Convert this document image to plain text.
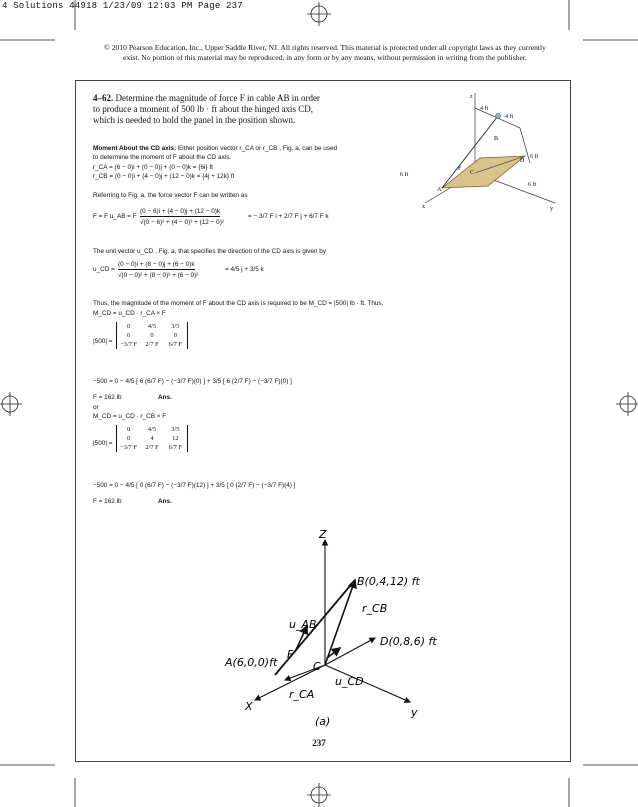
4 Solutions 44918 1/23/09 12:03 PM Page 237
© 2010 Pearson Education, Inc., Upper Saddle River, NJ. All rights reserved. This material is protected under all copyright laws as they currently
exist. No portion of this material may be reproduced, in any form or by any means, without permission in writing from the publisher.
4–62. Determine the magnitude of force F in cable AB in order to produce a moment of 500 lb · ft about the hinged axis CD, which is needed to hold the panel in the position shown.
z
x	y
4 ft
4 ft
6 ft
6 ft
6 ft
B
F
C
D
A
Moment About the CD axis: Either position vector r_CA or r_CB , Fig. a, can be used
to determine the moment of F about the CD axis.
r_CA = (6 − 0)i + (0 − 0)j + (0 − 0)k = {6i} ft
r_CB = (0 − 0)i + (4 − 0)j + (12 − 0)k = {4j + 12k} ft
Referring to Fig. a, the force vector F can be written as
F = F u_AB = F
(0 − 6)i + (4 − 0)j + (12 − 0)k
√(0 − 6)² + (4 − 0)² + (12 − 0)²
= − 3/7 F i + 2/7 F j + 6/7 F k
The unit vector u_CD , Fig. a, that specifies the direction of the CD axis is given by
u_CD =
(0 − 0)i + (8 − 0)j + (6 − 0)k
√(0 − 0)² + (8 − 0)² + (6 − 0)²
= 4/5 j + 3/5 k
Thus, the magnitude of the moment of F about the CD axis is required to be M_CD = |500| lb · ft. Thus,
M_CD = u_CD · r_CA × F
|500| =
0	4/5	3/5
6	0	0
−3/7 F	2/7 F	6/7 F
−500 = 0 − 4/5 [ 6 (6/7 F) − (−3/7 F)(0) ] + 3/5 [ 6 (2/7 F) − (−3/7 F)(0) ]
F = 162 lb	Ans.
or
M_CD = u_CD · r_CB × F
|500| =
0	4/5	3/5
0	4	12
−3/7 F	2/7 F	6/7 F
−500 = 0 − 4/5 [ 0 (6/7 F) − (−3/7 F)(12) ] + 3/5 [ 0 (2/7 F) − (−3/7 F)(4) ]
F = 162 lb	Ans.
Z
B(0,4,12) ft
r_CB
u_AB
D(0,8,6) ft
F
C
A(6,0,0)ft
r_CA
u_CD
X	y
(a)
237
